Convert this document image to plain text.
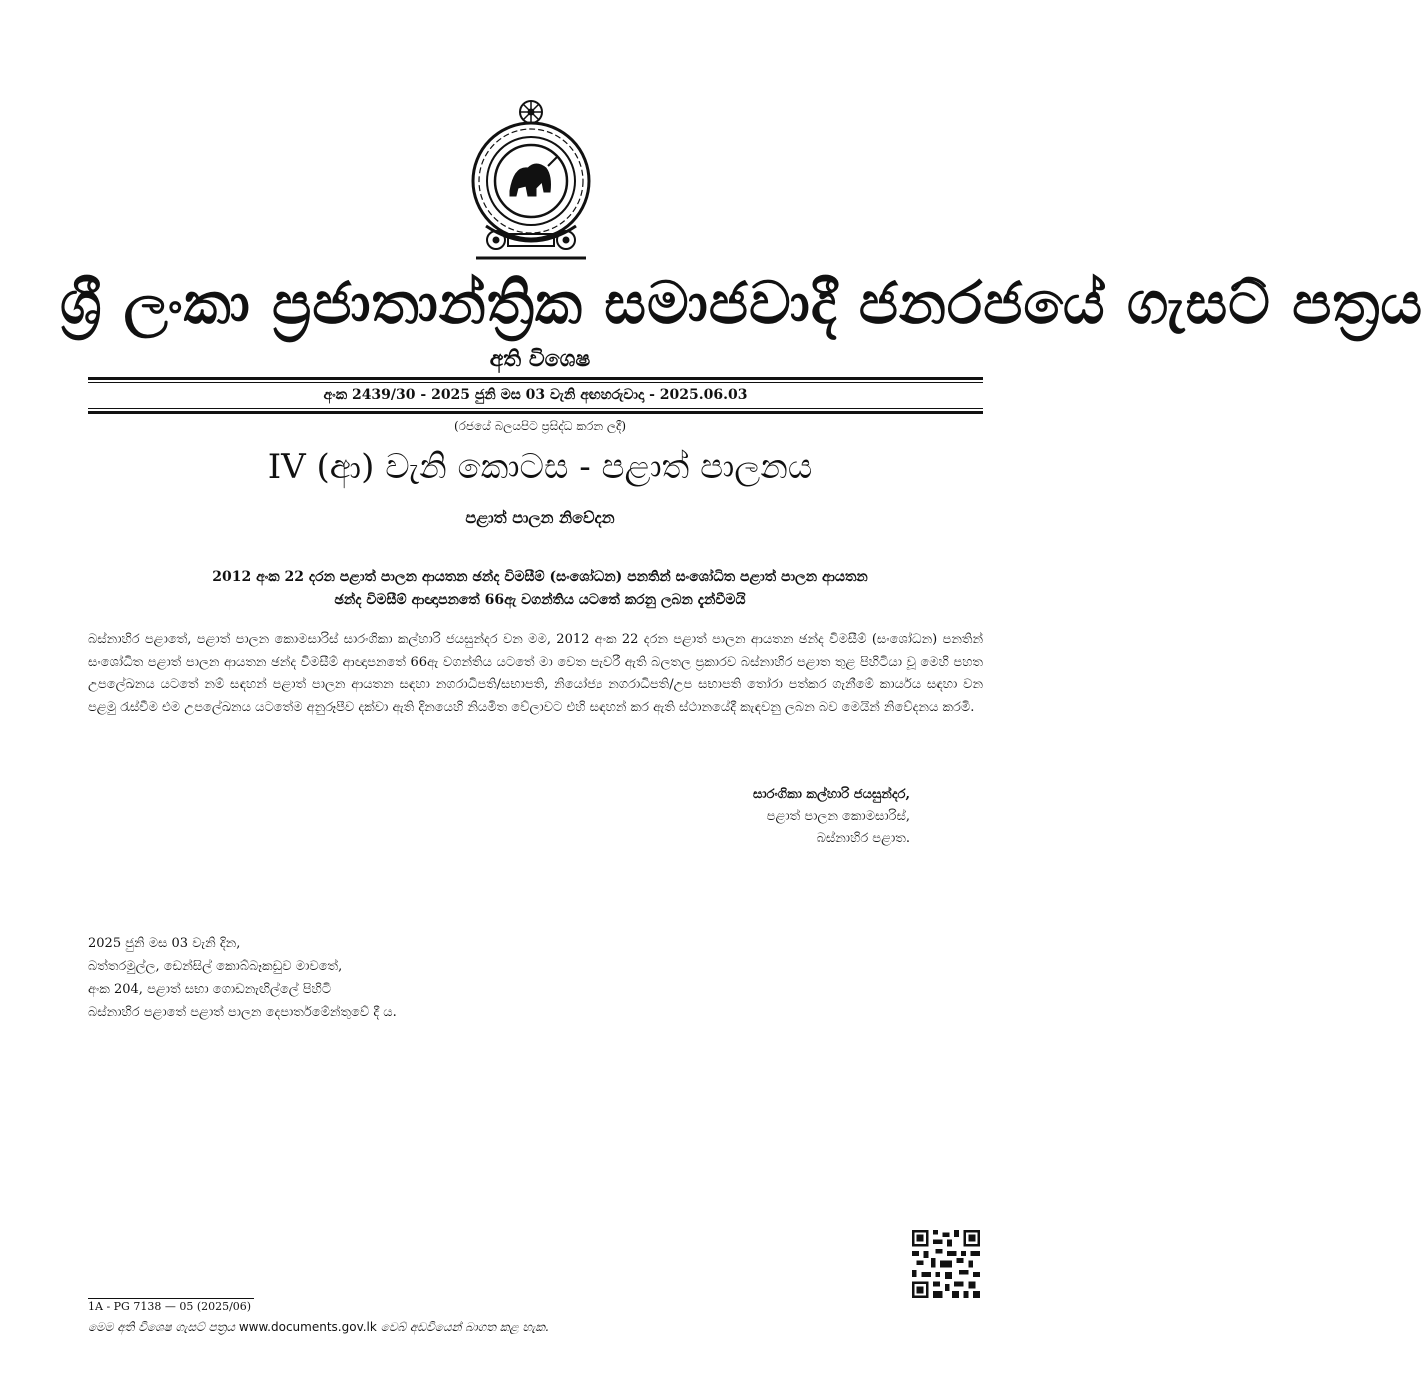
ශ්‍රී ලංකා ප්‍රජාතාන්ත්‍රික සමාජවාදී ජනරජයේ ගැසට් පත්‍රය
අති විශෙෂ
අංක 2439/30 - 2025 ජුනි මස 03 වැනි අඟහරුවාදා - 2025.06.03
(රජයේ බලයපිට ප්‍රසිද්ධ කරන ලදී)
IV (ආ) වැනි කොටස - පළාත් පාලනය
පළාත් පාලන නිවේදන
2012 අංක 22 දරන පළාත් පාලන ආයතන ඡන්ද විමසීම් (සංශෝධන) පනතින් සංශෝධිත පළාත් පාලන ආයතන
ඡන්ද විමසීම් ආඥාපනතේ 66ඇ වගන්තිය යටතේ කරනු ලබන දැන්වීමයි
බස්නාහිර පළාතේ, පළාත් පාලන කොමසාරිස් සාරංගිකා කල්හාරි ජයසුන්දර වන මම, 2012 අංක 22 දරන පළාත් පාලන ආයතන ඡන්ද විමසීම් (සංශෝධන) පනතින් සංශෝධිත පළාත් පාලන ආයතන ඡන්ද විමසීම් ආඥාපනතේ 66ඇ වගන්තිය යටතේ මා වෙත පැවරී ඇති බලතල ප්‍රකාරව බස්නාහිර පළාත තුළ පිහිටියා වූ මෙහි පහත උපලේඛනය යටතේ නම් සඳහන් පළාත් පාලන ආයතන සඳහා නගරාධිපති/සභාපති, නියෝජ්‍ය නගරාධිපති/උප සභාපති තෝරා පත්කර ගැනීමේ කාර්යය සඳහා වන පළමු රැස්වීම එම උපලේඛනය යටතේම අනුරූපීව දක්වා ඇති දිනයෙහි නියමිත වේලාවට එහි සඳහන් කර ඇති ස්ථානයේදී කැඳවනු ලබන බව මෙයින් නිවේදනය කරමි.
සාරංගිකා කල්හාරි ජයසුන්දර,
පළාත් පාලන කොමසාරිස්,
බස්නාහිර පළාත.
2025 ජුනි මස 03 වැනි දින,
බත්තරමුල්ල, ඩෙන්සිල් කොබ්බෑකඩුව මාවතේ,
අංක 204, පළාත් සභා ගොඩනැඟිල්ලේ පිහිටි
බස්නාහිර පළාතේ පළාත් පාලන දෙපාර්තමේන්තුවේ දී ය.
1A - PG 7138 — 05 (2025/06)
මෙම අති විශෙෂ ගැසට් පත්‍රය www.documents.gov.lk වෙබ් අඩවියෙන් බාගත කළ හැක.
